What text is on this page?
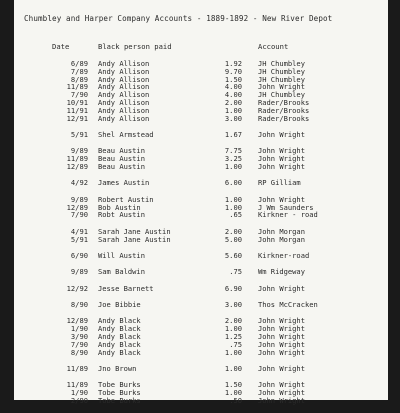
Chumbley and Harper Company Accounts - 1889-1892 - New River Depot
Date	Black person paid	Account
6/89 Andy Allison	1.92 JH Chumbley
7/89 Andy Allison	9.70 JH Chumbley
8/89 Andy Allison	1.50 JH Chumbley
11/89 Andy Allison	4.00 John Wright
7/90 Andy Allison	4.00 JH Chumbley
10/91 Andy Allison	2.00 Rader/Brooks
11/91 Andy Allison	1.00 Rader/Brooks
12/91 Andy Allison	3.00 Rader/Brooks
5/91 Shel Armstead	1.67 John Wright
9/89 Beau Austin	7.75 John Wright
11/89 Beau Austin	3.25 John Wright
12/89 Beau Austin	1.00 John Wright
4/92 James Austin	6.00 RP Gilliam
9/89 Robert Austin	1.00 John Wright
12/89 Bob Austin	1.00 J Wm Saunders
7/90 Robt Austin	.65 Kirkner - road
4/91 Sarah Jane Austin	2.00 John Morgan
5/91 Sarah Jane Austin	5.00 John Morgan
6/90 Will Austin	5.60 Kirkner-road
9/89 Sam Baldwin	.75 Wm Ridgeway
12/92 Jesse Barnett	6.90 John Wright
8/90 Joe Bibbie	3.00 Thos McCracken
12/89 Andy Black	2.00 John Wright
1/90 Andy Black	1.00 John Wright
3/90 Andy Black	1.25 John Wright
7/90 Andy Black	.75 John Wright
8/90 Andy Black	1.00 John Wright
11/89 Jno Brown	1.00 John Wright
11/89 Tobe Burks	1.50 John Wright
1/90 Tobe Burks	1.00 John Wright
2/90 Tobe Burks	.50 John Wright
